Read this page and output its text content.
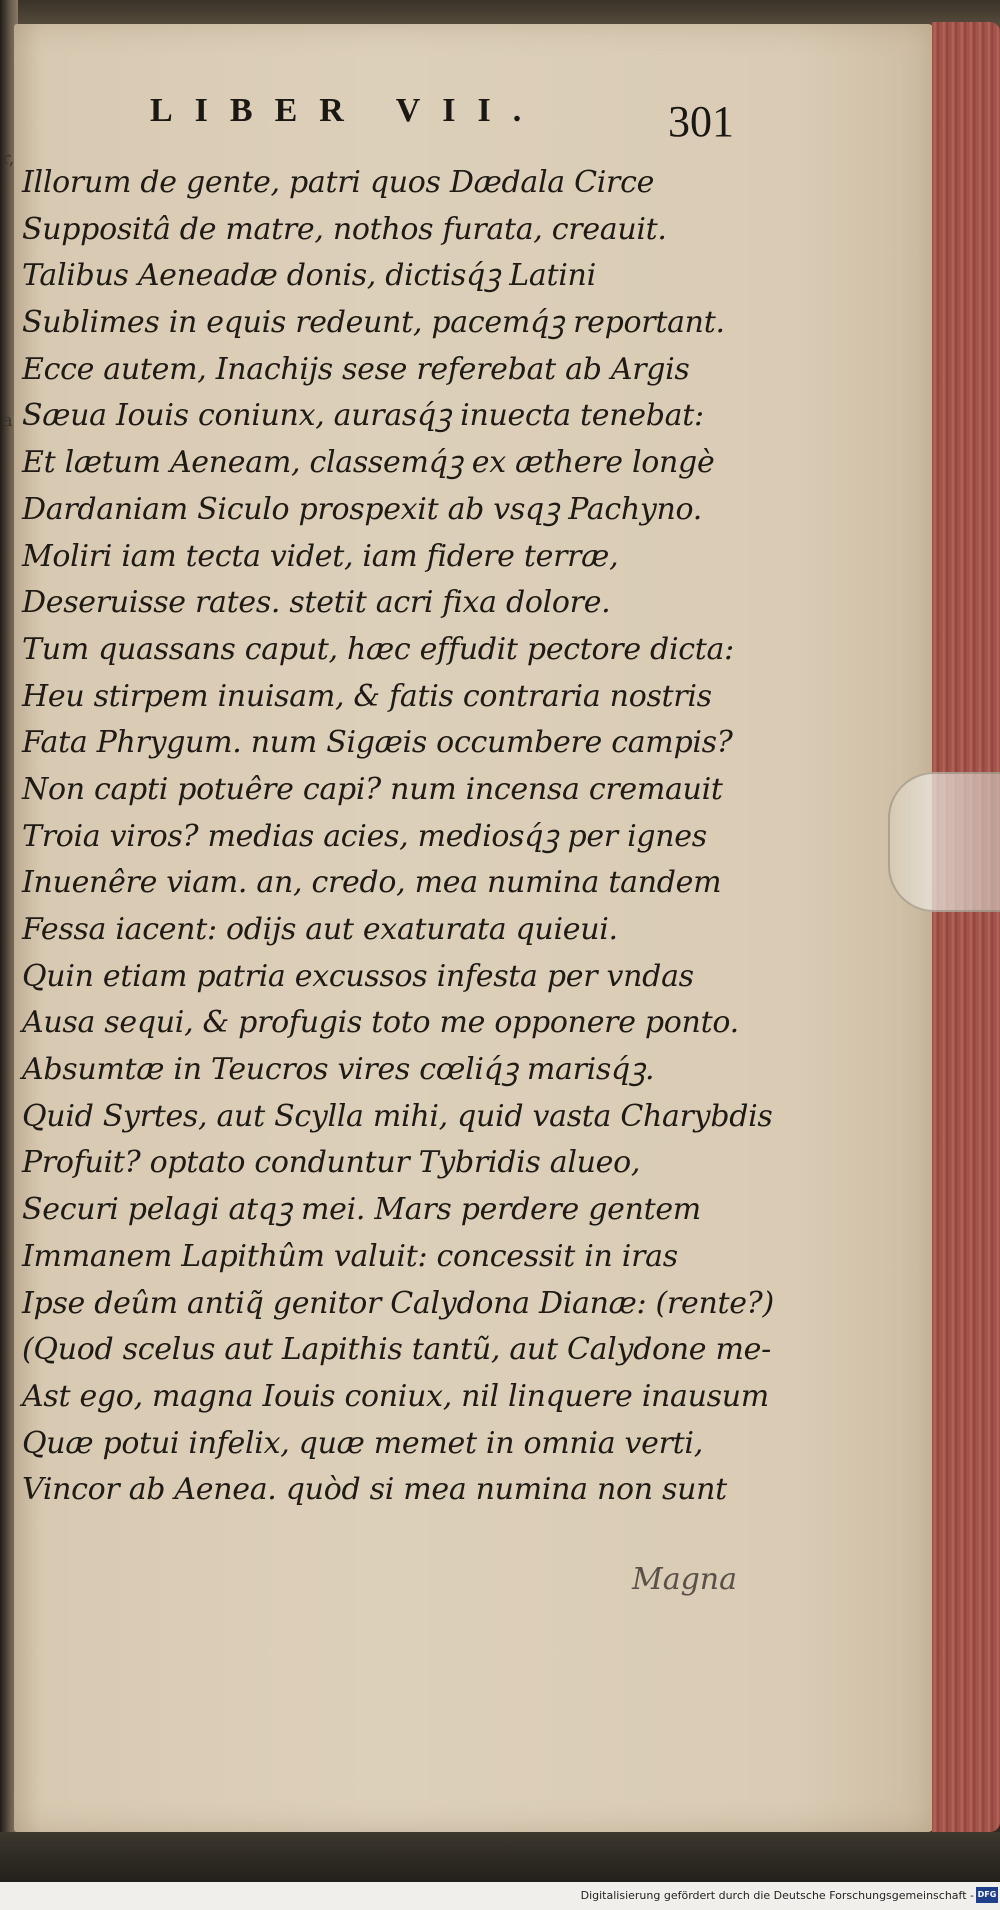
r,
a
LIBER VII.	301
Illorum de gente, patri quos Dædala Circe
Suppositâ de matre, nothos furata, creauit.
Talibus Aeneadæ donis, dictisq́ꝫ Latini
Sublimes in equis redeunt, pacemq́ꝫ reportant.
Ecce autem, Inachijs sese referebat ab Argis
Sæua Iouis coniunx, aurasq́ꝫ inuecta tenebat:
Et lætum Aeneam, classemq́ꝫ ex æthere longè
Dardaniam Siculo prospexit ab vsqꝫ Pachyno.
Moliri iam tecta videt, iam fidere terræ,
Deseruisse rates. stetit acri fixa dolore.
Tum quassans caput, hæc effudit pectore dicta:
Heu stirpem inuisam, & fatis contraria nostris
Fata Phrygum. num Sigæis occumbere campis?
Non capti potuêre capi? num incensa cremauit
Troia viros? medias acies, mediosq́ꝫ per ignes
Inuenêre viam. an, credo, mea numina tandem
Fessa iacent: odijs aut exaturata quieui.
Quin etiam patria excussos infesta per vndas
Ausa sequi, & profugis toto me opponere ponto.
Absumtæ in Teucros vires cœliq́ꝫ marisq́ꝫ.
Quid Syrtes, aut Scylla mihi, quid vasta Charybdis
Profuit? optato conduntur Tybridis alueo,
Securi pelagi atqꝫ mei. Mars perdere gentem
Immanem Lapithûm valuit: concessit in iras
Ipse deûm antiq̃ genitor Calydona Dianæ: (rente?)
(Quod scelus aut Lapithis tantũ, aut Calydone me-
Ast ego, magna Iouis coniux, nil linquere inausum
Quæ potui infelix, quæ memet in omnia verti,
Vincor ab Aenea. quòd si mea numina non sunt
Magna
Digitalisierung gefördert durch die Deutsche Forschungsgemeinschaft - DFG
